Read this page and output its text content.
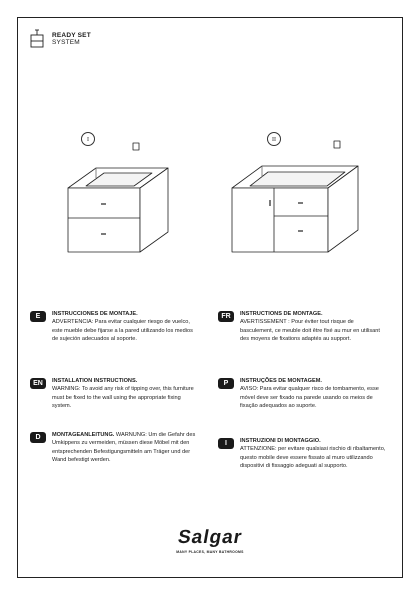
READY SET
SYSTEM
I	II
E	INSTRUCCIONES DE MONTAJE.
ADVERTENCIA: Para evitar cualquier riesgo de vuelco, este mueble debe fijarse a la pared utilizando los medios de sujeción adecuados al soporte.
FR	INSTRUCTIONS DE MONTAGE.
AVERTISSEMENT : Pour éviter tout risque de basculement, ce meuble doit être fixé au mur en utilisant des moyens de fixations adaptés au support.
EN	INSTALLATION INSTRUCTIONS.
WARNING: To avoid any risk of tipping over, this furniture must be fixed to the wall using the appropriate fixing system.
P	INSTRUÇÕES DE MONTAGEM.
AVISO: Para evitar qualquer risco de tombamento, esse móvel deve ser fixado na parede usando os meios de fixação adequados ao suporte.
D	MONTAGEANLEITUNG. WARNUNG: Um die Gefahr des Umkippens zu vermeiden, müssen diese Möbel mit den entsprechenden Befestigungsmitteln am Träger und der Wand befestigt werden.
I	INSTRUZIONI DI MONTAGGIO.
ATTENZIONE: per evitare qualsiasi rischio di ribaltamento, questo mobile deve essere fissato al muro utilizzando dispositivi di fissaggio adeguati al supporto.
Salgar
MANY PLACES, MANY BATHROOMS
